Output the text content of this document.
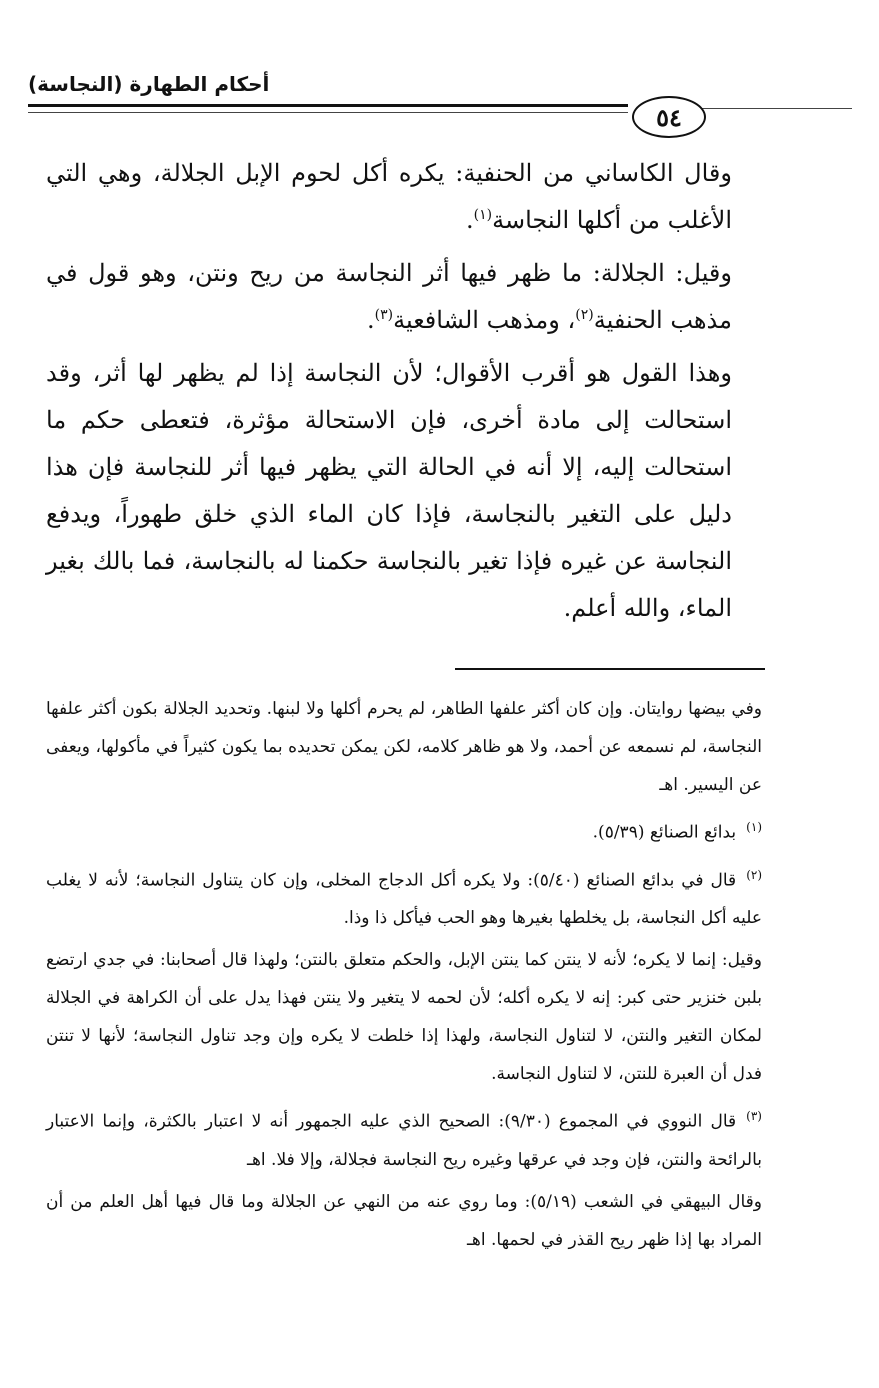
أحكام الطهارة (النجاسة)
٥٤

وقال الكاساني من الحنفية: يكره أكل لحوم الإبل الجلالة، وهي التي الأغلب من أكلها النجاسة$^{(١)}$.

وقيل: الجلالة: ما ظهر فيها أثر النجاسة من ريح ونتن، وهو قول في مذهب الحنفية$^{(٢)}$، ومذهب الشافعية$^{(٣)}$.

وهذا القول هو أقرب الأقوال؛ لأن النجاسة إذا لم يظهر لها أثر، وقد استحالت إلى مادة أخرى، فإن الاستحالة مؤثرة، فتعطى حكم ما استحالت إليه، إلا أنه في الحالة التي يظهر فيها أثر للنجاسة فإن هذا دليل على التغير بالنجاسة، فإذا كان الماء الذي خلق طهوراً، ويدفع النجاسة عن غيره فإذا تغير بالنجاسة حكمنا له بالنجاسة، فما بالك بغير الماء، والله أعلم.

وفي بيضها روايتان. وإن كان أكثر علفها الطاهر، لم يحرم أكلها ولا لبنها. وتحديد الجلالة بكون أكثر علفها النجاسة، لم نسمعه عن أحمد، ولا هو ظاهر كلامه، لكن يمكن تحديده بما يكون كثيراً في مأكولها، ويعفى عن اليسير. اهـ

$^{(١)}$بدائع الصنائع (٥/٣٩).

$^{(٢)}$قال في بدائع الصنائع (٥/٤٠): ولا يكره أكل الدجاج المخلى، وإن كان يتناول النجاسة؛ لأنه لا يغلب عليه أكل النجاسة، بل يخلطها بغيرها وهو الحب فيأكل ذا وذا.

وقيل: إنما لا يكره؛ لأنه لا ينتن كما ينتن الإبل، والحكم متعلق بالنتن؛ ولهذا قال أصحابنا: في جدي ارتضع بلبن خنزير حتى كبر: إنه لا يكره أكله؛ لأن لحمه لا يتغير ولا ينتن فهذا يدل على أن الكراهة في الجلالة لمكان التغير والنتن، لا لتناول النجاسة، ولهذا إذا خلطت لا يكره وإن وجد تناول النجاسة؛ لأنها لا تنتن فدل أن العبرة للنتن، لا لتناول النجاسة.

$^{(٣)}$قال النووي في المجموع (٩/٣٠): الصحيح الذي عليه الجمهور أنه لا اعتبار بالكثرة، وإنما الاعتبار بالرائحة والنتن، فإن وجد في عرقها وغيره ريح النجاسة فجلالة، وإلا فلا. اهـ

وقال البيهقي في الشعب (٥/١٩): وما روي عنه من النهي عن الجلالة وما قال فيها أهل العلم من أن المراد بها إذا ظهر ريح القذر في لحمها. اهـ
